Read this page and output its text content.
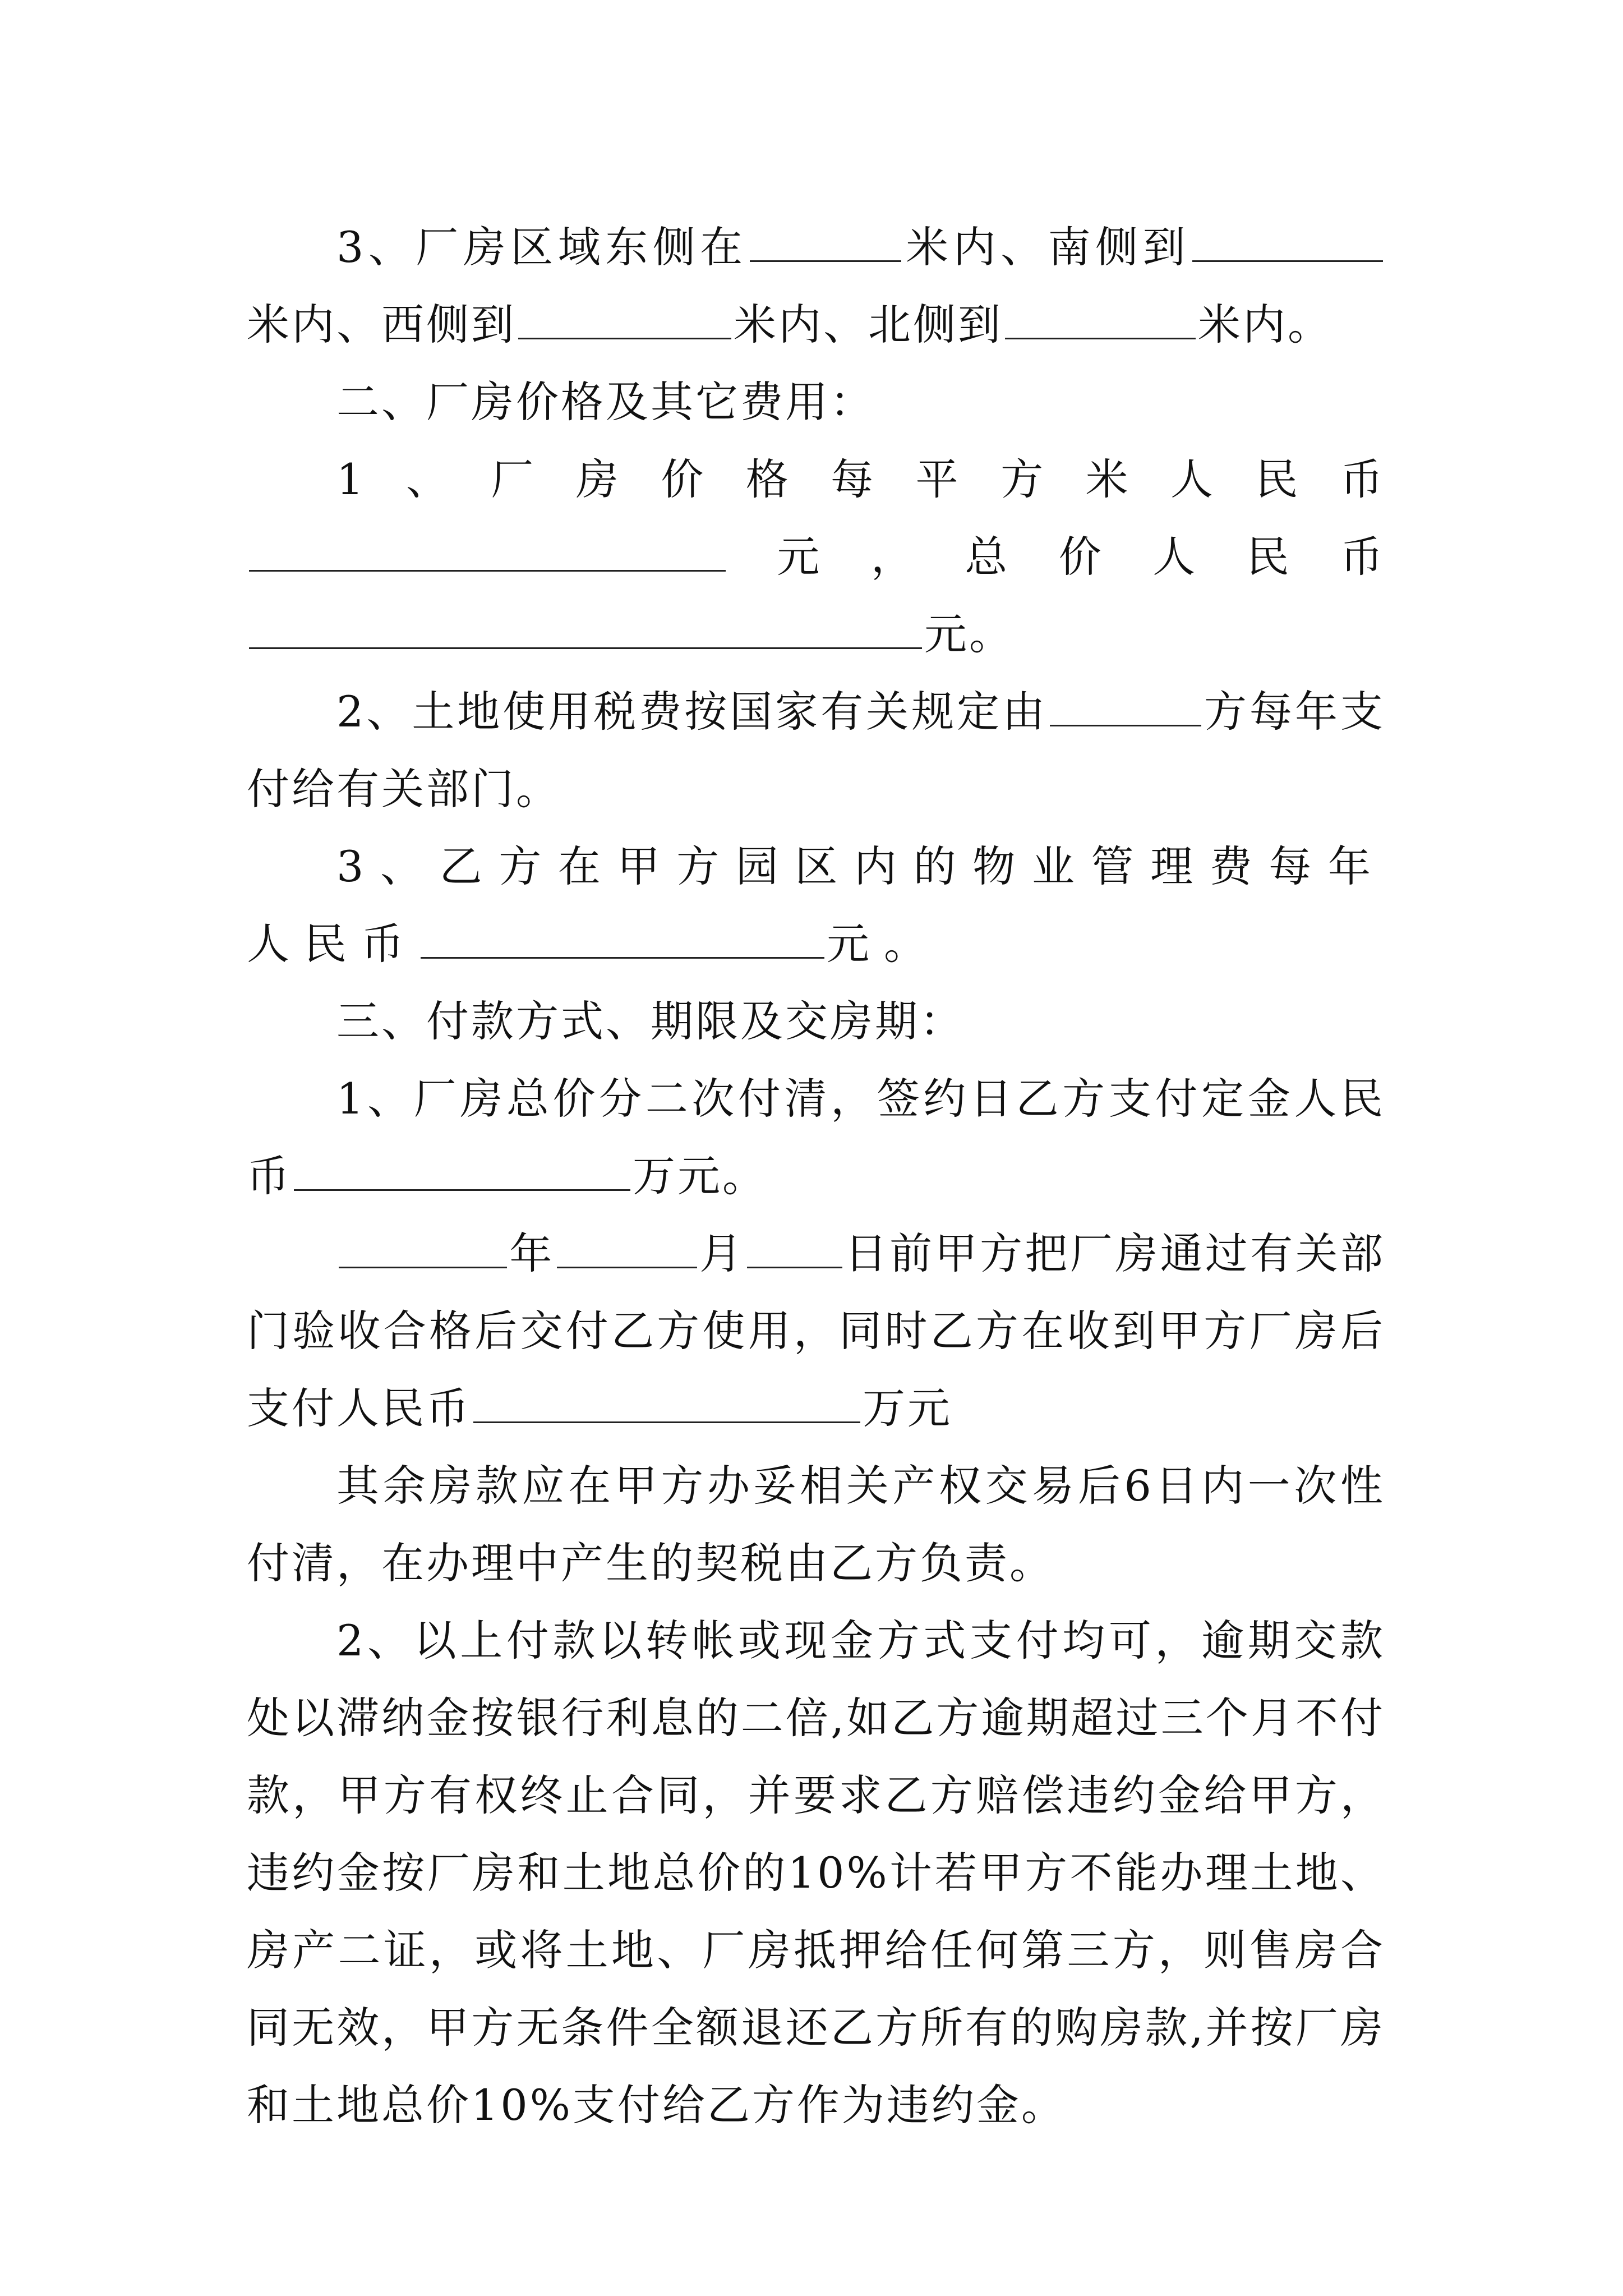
3、厂房区域东侧在	米内、南侧到米内、西侧到	米内、北侧到	米内。

二、厂房价格及其它费用：

1、厂房价格每平方米人民币元，总价人民币元。

2、土地使用税费按国家有关规定由	方每年支付给有关部门。

3、乙方在甲方园区内的物业管理费每年人民币	元。

三、付款方式、期限及交房期：

1、厂房总价分二次付清，签约日乙方支付定金人民币	万元。

年	月 日前甲方把厂房通过有关部门验收合格后交付乙方使用，同时乙方在收到甲方厂房后支付人民币	万元

其余房款应在甲方办妥相关产权交易后6日内一次性付清，在办理中产生的契税由乙方负责。

2、以上付款以转帐或现金方式支付均可，逾期交款处以滞纳金按银行利息的二倍,如乙方逾期超过三个月不付款，甲方有权终止合同，并要求乙方赔偿违约金给甲方，违约金按厂房和土地总价的10%计若甲方不能办理土地、房产二证，或将土地、厂房抵押给任何第三方，则售房合同无效，甲方无条件全额退还乙方所有的购房款,并按厂房和土地总价10%支付给乙方作为违约金。
